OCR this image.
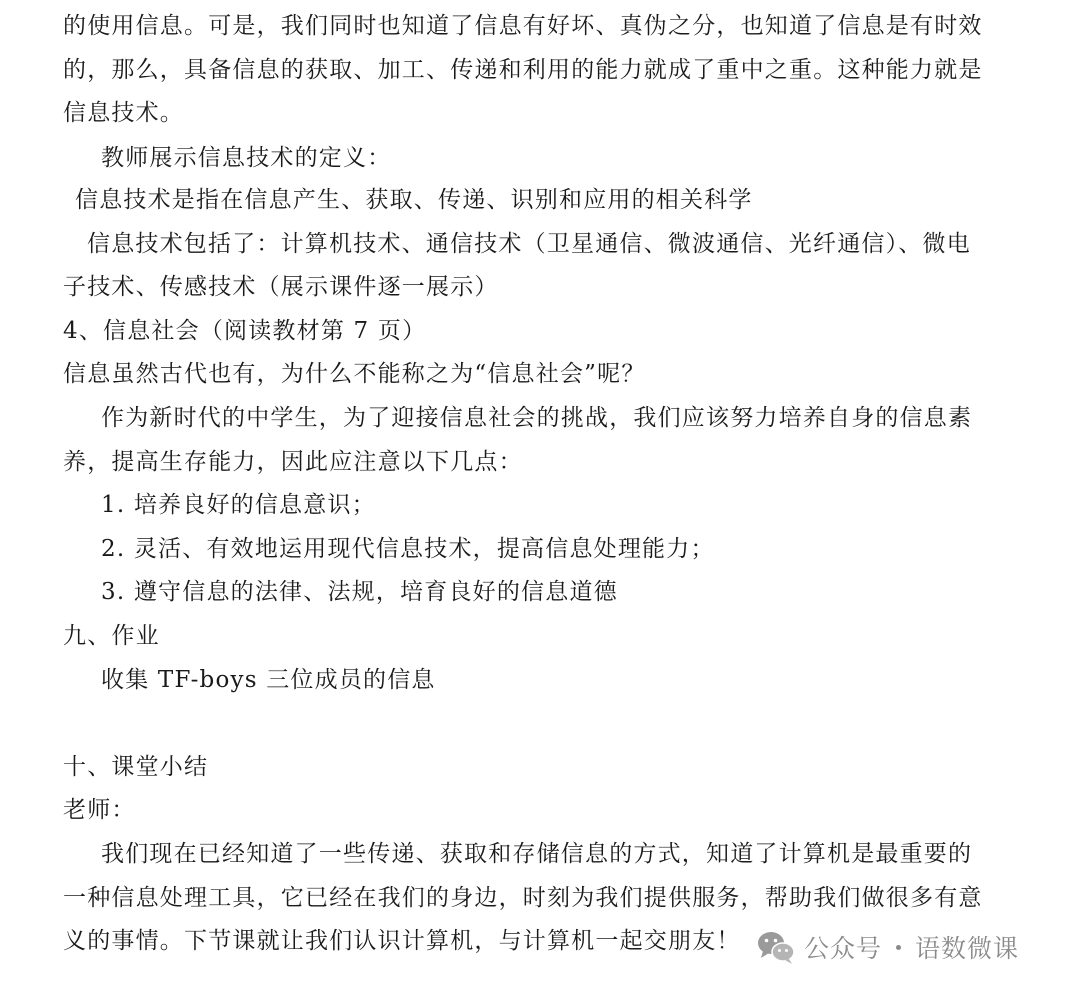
的使用信息。可是，我们同时也知道了信息有好坏、真伪之分，也知道了信息是有时效
的，那么，具备信息的获取、加工、传递和利用的能力就成了重中之重。这种能力就是
信息技术。
教师展示信息技术的定义：
信息技术是指在信息产生、获取、传递、识别和应用的相关科学
信息技术包括了：计算机技术、通信技术（卫星通信、微波通信、光纤通信）、微电
子技术、传感技术（展示课件逐一展示）
4、信息社会（阅读教材第 7 页）
信息虽然古代也有，为什么不能称之为“信息社会”呢？
作为新时代的中学生，为了迎接信息社会的挑战，我们应该努力培养自身的信息素
养，提高生存能力，因此应注意以下几点：
1. 培养良好的信息意识；
2. 灵活、有效地运用现代信息技术，提高信息处理能力；
3. 遵守信息的法律、法规，培育良好的信息道德
九、作业
收集 TF-boys 三位成员的信息
十、课堂小结
老师：
我们现在已经知道了一些传递、获取和存储信息的方式，知道了计算机是最重要的
一种信息处理工具，它已经在我们的身边，时刻为我们提供服务，帮助我们做很多有意
义的事情。下节课就让我们认识计算机，与计算机一起交朋友！	公众号 语数微课
